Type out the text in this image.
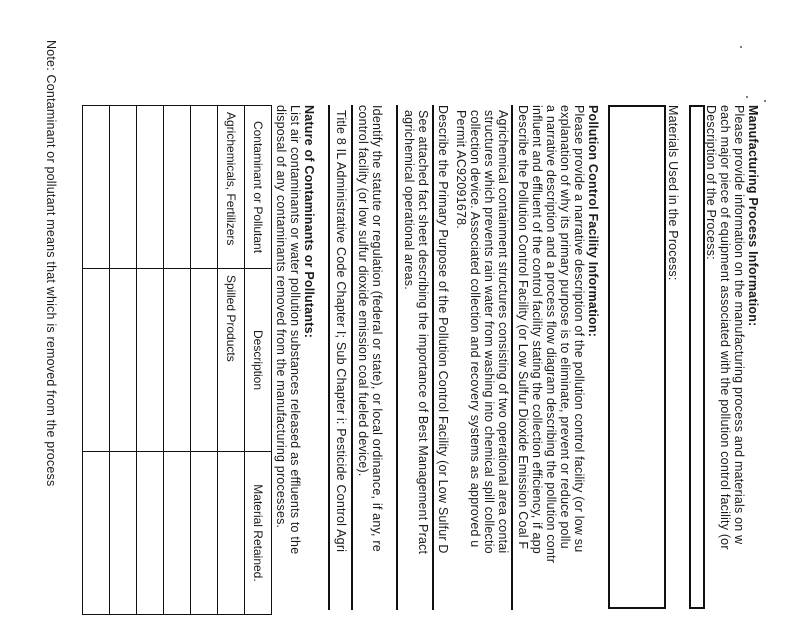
Manufacturing Process Information:
Please provide information on the manufacturing process and materials on w
each major piece of equipment associated with the pollution control facility (or
Description of the Process:
Materials Used in the Process:
Pollution Control Facility Information:
Please provide a narrative description of the pollution control facility (or low su
explanation of why its primary purpose is to eliminate, prevent or reduce pollu
a narrative description and a process flow diagram describing the pollution contr
influent and effluent of the control facility stating the collection efficiency, if app
Describe the Pollution Control Facility (or Low Sulfur Dioxide Emission Coal F
Agrichemical containment structures consisting of two operational area contai
structures which prevents rain water from washing into chemical spill collectio
collection device. Associated collection and recovery systems as approved u
Permit AC92091678.
Describe the Primary Purpose of the Pollution Control Facility (or Low Sulfur D
See attached fact sheet describing the importance of Best Management Pract
agrichemical operational areas.
Identify the statute or regulation (federal or state), or local ordinance, if any, re
control facility (or low sulfur dioxide emission coal fueled device).
Title 8 IL Administrative Code Chapter I; Sub Chapter i: Pesticide Control Agri
Nature of Contaminants or Pollutants:
List air contaminants or water pollution substances released as effluents to the
disposal of any contaminants removed from the manufacturing processes.
Contaminant or Pollutant	Description	Material Retained.
Agrichemicals, Fertilizers	Spilled Products	

Note: Contaminant or pollutant means that which is removed from the process
